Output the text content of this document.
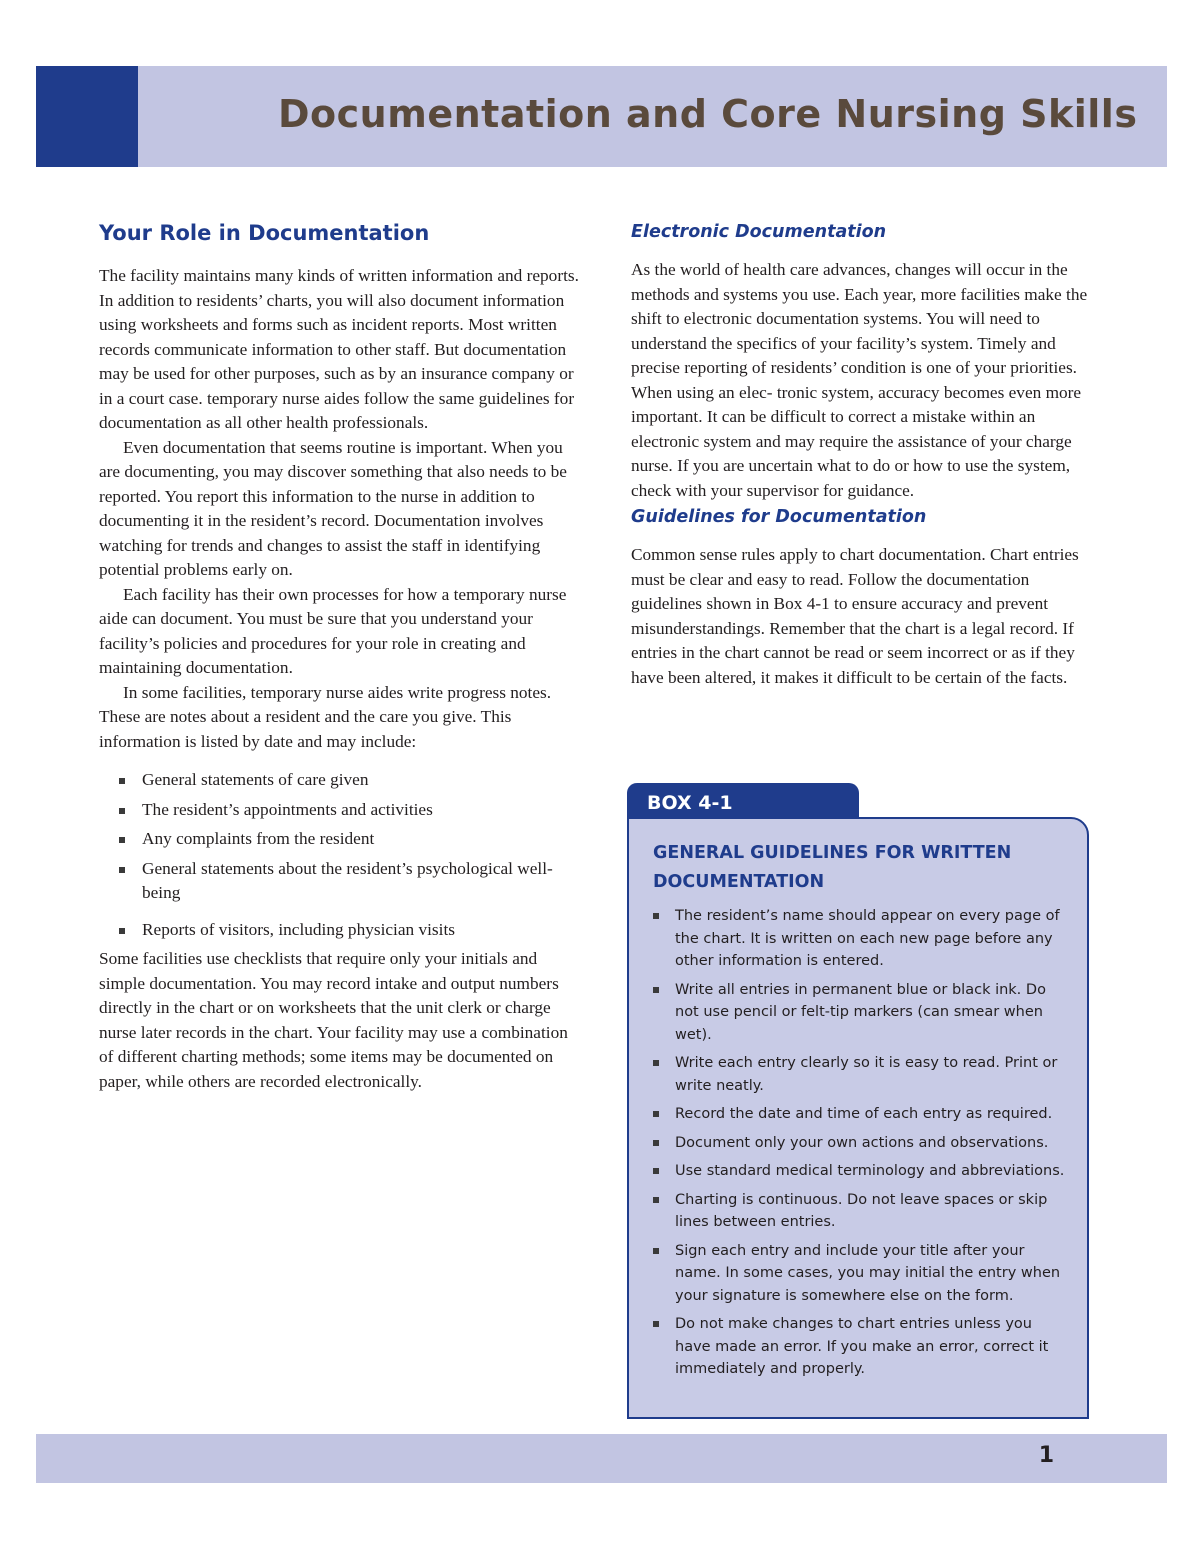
Documentation and Core Nursing Skills
Your Role in Documentation

The facility maintains many kinds of written information and reports. In addition to residents’ charts, you will also document information using worksheets and forms such as incident reports. Most written records communicate information to other staff. But documentation may be used for other purposes, such as by an insurance company or in a court case. temporary nurse aides follow the same guidelines for documentation as all other health professionals.

Even documentation that seems routine is important. When you are documenting, you may discover something that also needs to be reported. You report this information to the nurse in addition to documenting it in the resident’s record. Documentation involves watching for trends and changes to assist the staff in identifying potential problems early on.

Each facility has their own processes for how a temporary nurse aide can document. You must be sure that you understand your facility’s policies and procedures for your role in creating and maintaining documentation.

In some facilities, temporary nurse aides write progress notes. These are notes about a resident and the care you give. This information is listed by date and may include:

General statements of care given
The resident’s appointments and activities
Any complaints from the resident
General statements about the resident’s psychological well-being
Reports of visitors, including physician visits

Some facilities use checklists that require only your initials and simple documentation. You may record intake and output numbers directly in the chart or on worksheets that the unit clerk or charge nurse later records in the chart. Your facility may use a combination of different charting methods; some items may be documented on paper, while others are recorded electronically.

Electronic Documentation

As the world of health care advances, changes will occur in the methods and systems you use. Each year, more facilities make the shift to electronic documentation systems. You will need to understand the specifics of your facility’s system. Timely and precise reporting of residents’ condition is one of your priorities. When using an elec- tronic system, accuracy becomes even more important. It can be difficult to correct a mistake within an electronic system and may require the assistance of your charge nurse. If you are uncertain what to do or how to use the system, check with your supervisor for guidance.

Guidelines for Documentation

Common sense rules apply to chart documentation. Chart entries must be clear and easy to read. Follow the documentation guidelines shown in Box 4-1 to ensure accuracy and prevent misunderstandings. Remember that the chart is a legal record. If entries in the chart cannot be read or seem incorrect or as if they have been altered, it makes it difficult to be certain of the facts.

BOX 4-1
GENERAL GUIDELINES FOR WRITTEN DOCUMENTATION
The resident’s name should appear on every page of the chart. It is written on each new page before any other information is entered.
Write all entries in permanent blue or black ink. Do not use pencil or felt-tip markers (can smear when wet).
Write each entry clearly so it is easy to read. Print or write neatly.
Record the date and time of each entry as required.
Document only your own actions and observations.
Use standard medical terminology and abbreviations.
Charting is continuous. Do not leave spaces or skip lines between entries.
Sign each entry and include your title after your name. In some cases, you may initial the entry when your signature is somewhere else on the form.
Do not make changes to chart entries unless you have made an error. If you make an error, correct it immediately and properly.
1
